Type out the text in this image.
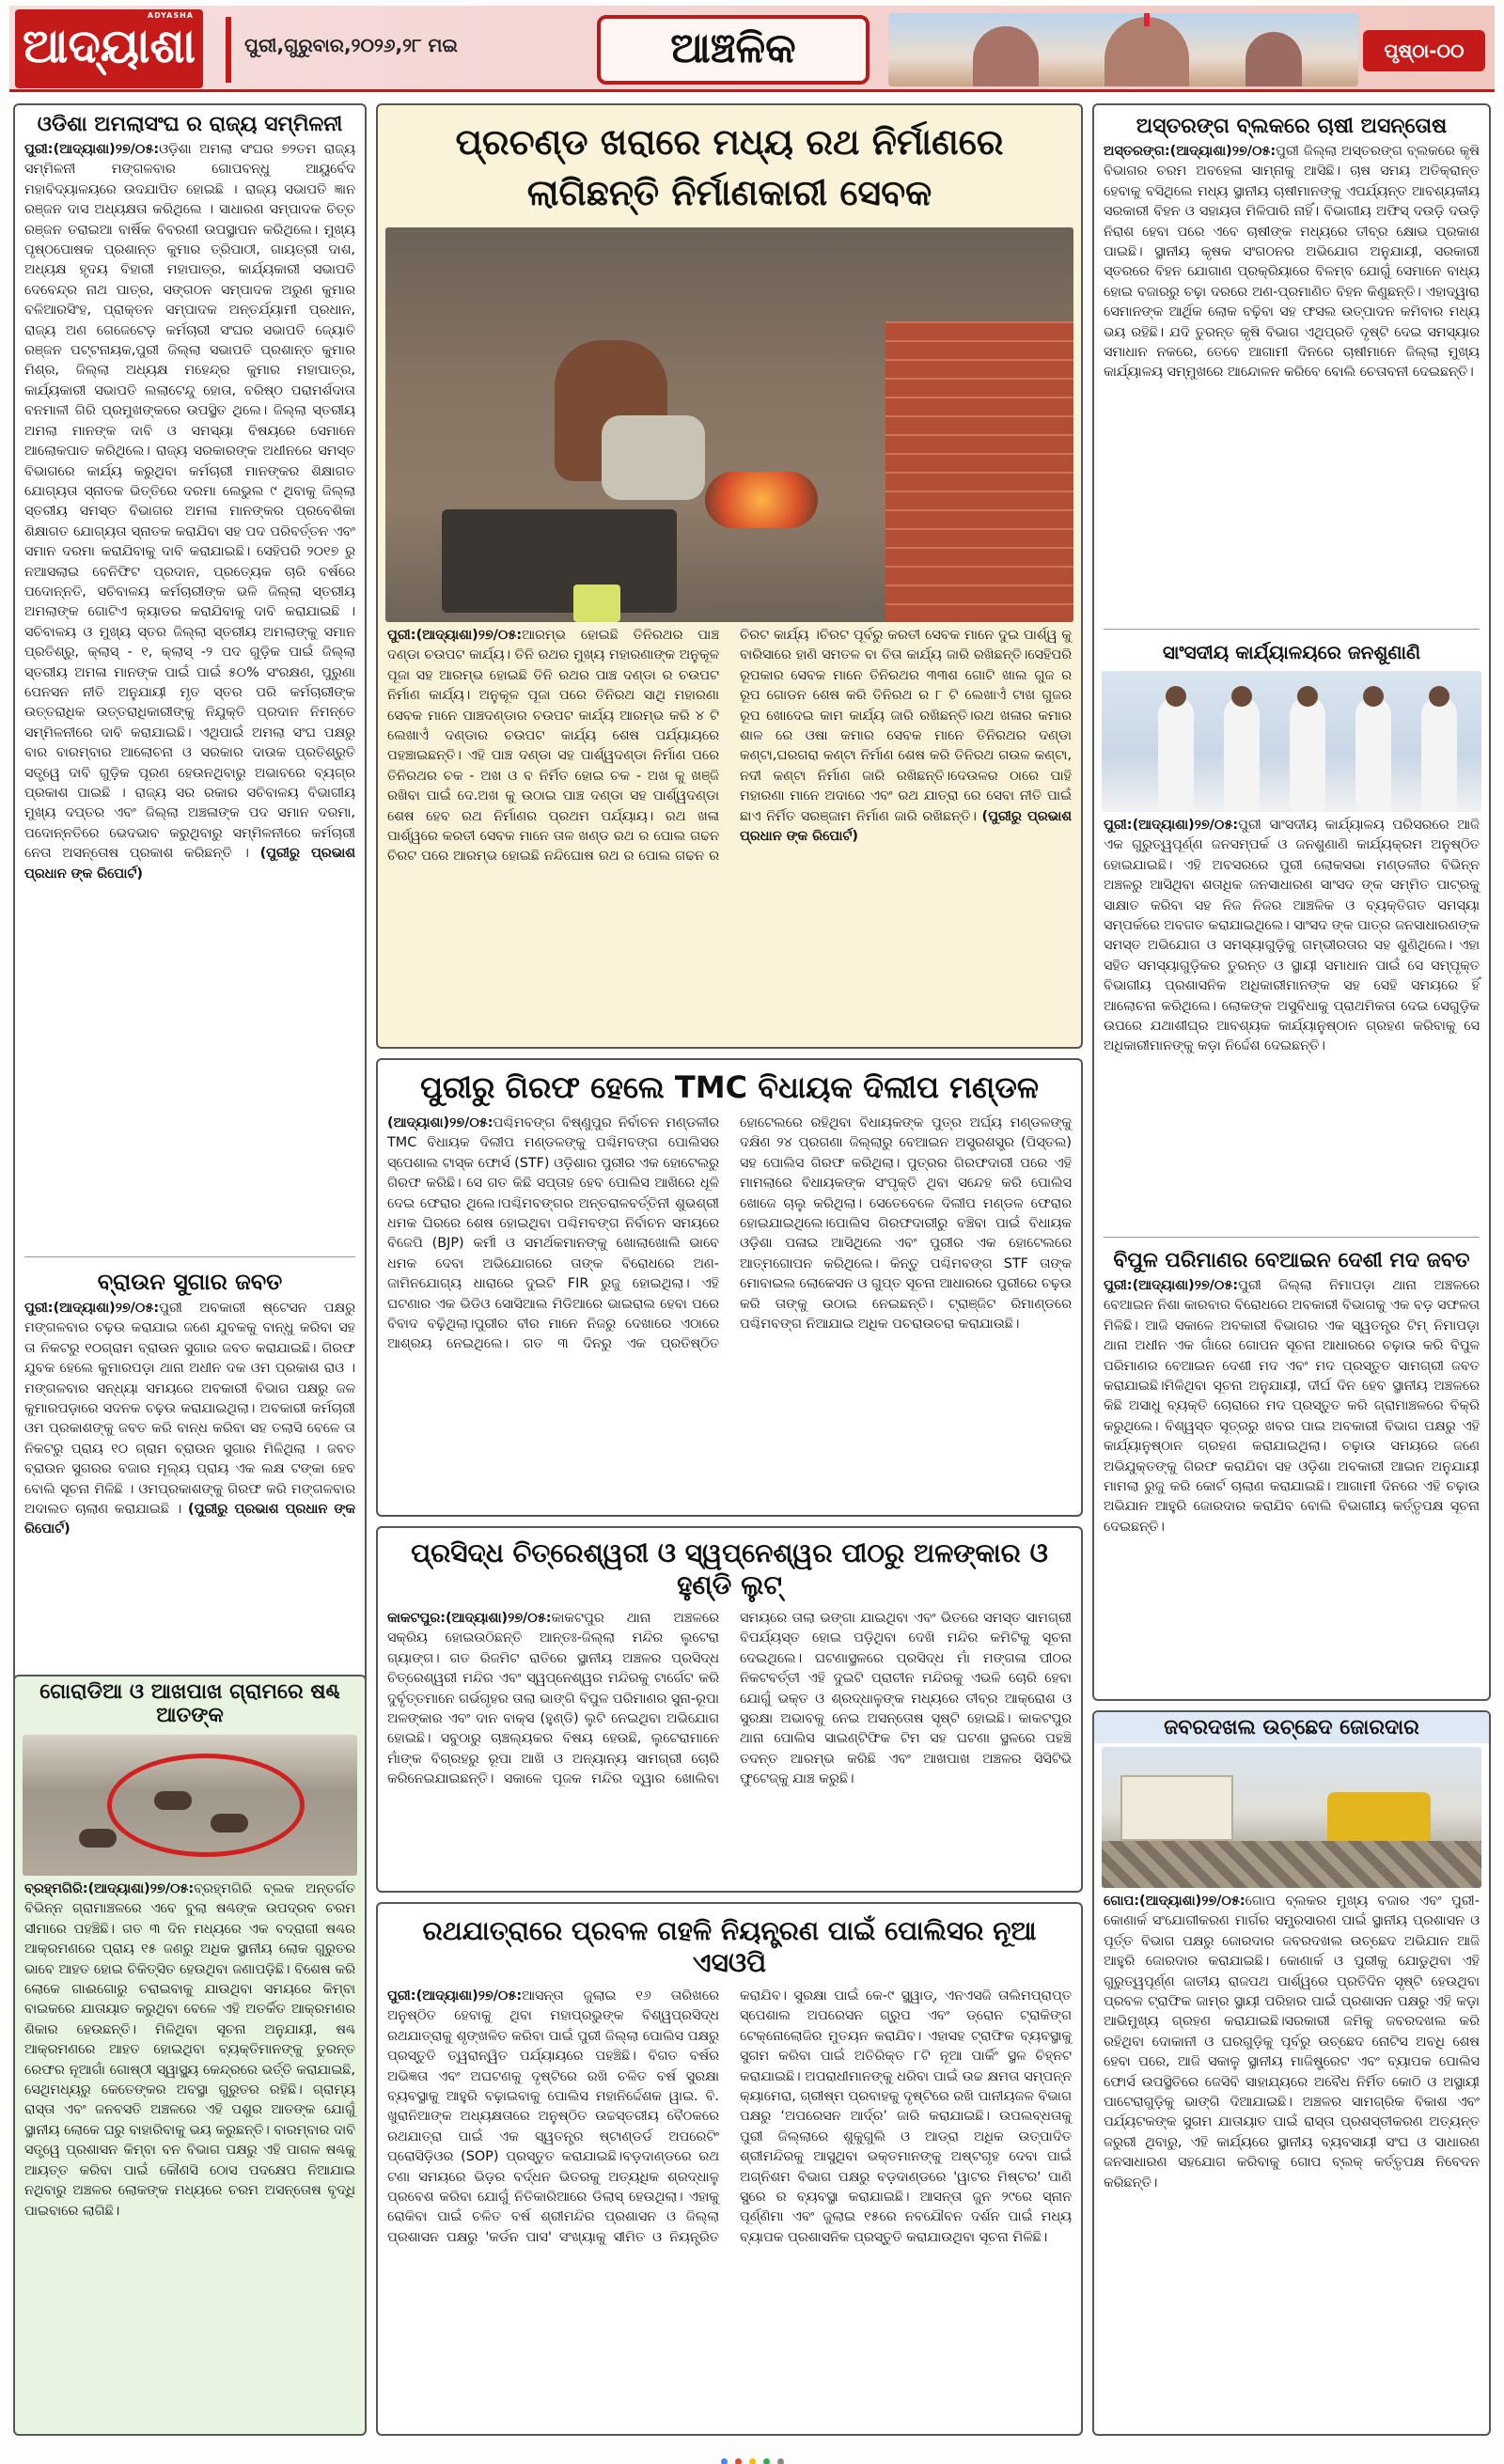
ADYASHA
ଆଦ୍ୟାଶା	ପୁରୀ,ଗୁରୁବାର,୨୦୨୬,୨୮ ମଇ	ଆଞ୍ଚଳିକ	ପୃଷ୍ଠା-୦୦
ଓଡିଶା ଅମଲାସଂଘ ର ରାଜ୍ୟ ସମ୍ମିଳନୀ
ପୁରୀ:(ଆଦ୍ୟାଶା)୨୭/୦୫:ଓଡ଼ିଶା ଅମଲା ସଂଘର ୭୨ତମ ରାଜ୍ୟ ସମ୍ମିଳନୀ ମଙ୍ଗଳବାର ଗୋପବନ୍ଧୁ ଆୟୁର୍ବେଦ ମହାବିଦ୍ୟାଳୟରେ ଉଦଯାପିତ ହୋଇଛି । ରାଜ୍ୟ ସଭାପତି ଜ୍ଞାନ ରଞ୍ଜନ ଦାସ ଅଧ୍ୟକ୍ଷତା କରିଥିଲେ । ସାଧାରଣ ସମ୍ପାଦକ ଚିତ୍ତ ରଞ୍ଜନ ତରାଇଆ ବାର୍ଷିକ ବିବରଣୀ ଉପସ୍ଥାପନ କରିଥିଲେ। ମୁଖ୍ୟ ପୃଷ୍ଠପୋଷକ ପ୍ରଶାନ୍ତ କୁମାର ତ୍ରିପାଠୀ, ଗାୟତ୍ରୀ ଦାଶ, ଅଧ୍ୟକ୍ଷ ହୃଦୟ ବିହାରୀ ମହାପାତ୍ର, କାର୍ଯ୍ୟକାରୀ ସଭାପତି ଦେବେନ୍ଦ୍ର ନାଥ ପାତ୍ର, ସଙ୍ଗଠନ ସମ୍ପାଦକ ଅରୁଣ କୁମାର ବଳିଆରସିଂହ, ପ୍ରାକ୍ତନ ସମ୍ପାଦକ ଅନ୍ତର୍ଯ୍ୟାମୀ ପ୍ରଧାନ, ରାଜ୍ୟ ଅଣ ଗେଜେଟେଡ଼ କର୍ମଚାରୀ ସଂଘର ସଭାପତି ଜ୍ୟୋତି ରଞ୍ଜନ ପଟ୍ଟନାୟକ,ପୁରୀ ଜିଲ୍ଲା ସଭାପତି ପ୍ରଶାନ୍ତ କୁମାର ମିଶ୍ର, ଜିଲ୍ଲା ଅଧ୍ୟକ୍ଷ ମହେନ୍ଦ୍ର କୁମାର ମହାପାତ୍ର, କାର୍ଯ୍ୟକାରୀ ସଭାପତି ଲଲାଟେନ୍ଦୁ ହୋତା, ବରିଷ୍ଠ ପରାମର୍ଶଦାତା ବନମାଳୀ ଗିରି ପ୍ରମୁଖଙ୍କରେ ଉପସ୍ଥିତ ଥିଲେ। ଜିଲ୍ଲା ସ୍ତରୀୟ ଅମଲା ମାନଙ୍କ ଦାବି ଓ ସମସ୍ୟା ବିଷୟରେ ସେମାନେ ଆଲୋକପାତ କରିଥିଲେ। ରାଜ୍ୟ ସରକାରଙ୍କ ଅଧୀନରେ ସମସ୍ତ ବିଭାଗରେ କାର୍ଯ୍ୟ କରୁଥିବା କର୍ମଚାରୀ ମାନଙ୍କର ଶିକ୍ଷାଗତ ଯୋଗ୍ୟତା ସ୍ନାତକ ଭିତ୍ତିରେ ଦରମା ଲେଭୁଲ ୯ ଥିବାକୁ ଜିଲ୍ଲା ସ୍ତରୀୟ ସମସ୍ତ ବିଭାଗର ଅମଳା ମାନଙ୍କର ପ୍ରବେଶିକା ଶିକ୍ଷାଗତ ଯୋଗ୍ୟତା ସ୍ନାତକ କରାଯିବା ସହ ପଦ ପରିବର୍ତ୍ତନ ଏବଂ ସମାନ ଦରମା କରାଯିବାକୁ ଦାବି କରାଯାଇଛି। ସେହିପରି ୨୦୧୭ ରୁ ନଆସଲାଇ ବେନିଫିଟ ପ୍ରଦାନ, ପ୍ରତ୍ୟେକ ଚାରି ବର୍ଷରେ ପଦୋନ୍ନତି, ସଚିବାଳୟ କର୍ମଚାରୀଙ୍କ ଭଳି ଜିଲ୍ଲା ସ୍ତରୀୟ ଅମଲାଙ୍କ ଗୋଟିଏ କ୍ୟାଡର କରାଯିବାକୁ ଦାବି କରାଯାଇଛି ।ସଚିବାଳୟ ଓ ମୁଖ୍ୟ ସ୍ତର ଜିଲ୍ଲା ସ୍ତରୀୟ ଅମଲାଙ୍କୁ ସମାନ ପ୍ରତିଶ୍ରୁ, କ୍ଲାସ୍ - ୧, କ୍ଲାସ୍ -୨ ପଦ ଗୁଡ଼ିକ ପାଇଁ ଜିଲ୍ଲା ସ୍ତରୀୟ ଅମଳା ମାନଙ୍କ ପାଇଁ ପାଇଁ ୫୦% ସଂରକ୍ଷଣ, ପୁରୁଣା ପେନସନ ନୀତି ଅନୁଯାୟୀ ମୃତ ସ୍ତର ପରି କର୍ମଚାରୀଙ୍କ ଉତ୍ତରାଧିକ ଉତ୍ତରାଧିକାରୀଙ୍କୁ ନିଯୁକ୍ତି ପ୍ରଦାନ ନିମନ୍ତେ ସମ୍ମିଳନୀରେ ଦାବି କରାଯାଇଛି। ଏଥିପାଇଁ ଅମଲା ସଂଘ ପକ୍ଷରୁ ବାର ବାରମ୍ବାର ଆଲୋଚନା ଓ ସରକାର ଦାଉକ ପ୍ରତିଶ୍ରୁତି ସତ୍ତ୍ୱେ ଦାବି ଗୁଡ଼ିକ ପୂରଣ ହେଉନଥିବାରୁ ଅଭାବରେ ବ୍ୟଗ୍ର ପ୍ରକାଶ ପାଇଛି । ରାଜ୍ୟ ସର ରକାର ସଚିବାଳୟ ବିଭାଗୀୟ ମୁଖ୍ୟ ଦପ୍ତର ଏବଂ ଜିଲ୍ଲା ଅଞ୍ଚଳାଙ୍କ ପଦ ସମାନ ଦରମା, ପଦୋନ୍ନତିରେ ଭେଦଭାବ କରୁଥିବାରୁ ସମ୍ମିଳନୀରେ କର୍ମଚାରୀ ନେତା ଅସନ୍ତୋଷ ପ୍ରକାଶ କରିଛନ୍ତି । (ପୁରୀରୁ ପ୍ରଭାଶ ପ୍ରଧାନ ଙ୍କ ରିପୋର୍ଟ)
ବ୍ରାଉନ ସୁଗାର ଜବତ
ପୁରୀ:(ଆଦ୍ୟାଶା)୨୭/୦୫:ପୁରୀ ଅବକାରୀ ଷ୍ଟେସନ ପକ୍ଷରୁ ମଙ୍ଗଳବାର ଚଢ଼ଉ କରାଯାଇ ଜଣେ ଯୁବକକୁ ବାନ୍ଧୁ କରିବା ସହ ତା ନିକଟରୁ ୧୦ଗ୍ରାମ ବ୍ରାଉନ ସୁଗାର ଜବତ କରାଯାଇଛି। ଗିରଫ ଯୁବକ ହେଲେ କୁମାରପଡ଼ା ଥାନା ଅଧୀନ ଦକ ଓମ ପ୍ରକାଶ ରାଓ । ମଙ୍ଗଳବାର ସନ୍ଧ୍ୟା ସମୟରେ ଅବକାରୀ ବିଭାଗ ପକ୍ଷରୁ ଜଳ କୁମାରପଡ଼ାରେ ସଦନକ ଚଢ଼ଉ କରାଯାଇଥିଲା। ଅବକାରୀ କର୍ମଚାରୀ ଓମ ପ୍ରକାଶଙ୍କୁ ଜବତ କରି ବାନ୍ଧ କରିବା ସହ ତଲାସି ବେଳେ ତା ନିକଟରୁ ପ୍ରାୟ ୧୦ ଗ୍ରାମ ବ୍ରାଉନ ସୁଗାର ମିଳିଥିଲା । ଜବତ ବ୍ରାଉନ ସୁଗରର ବଜାର ମୂଲ୍ୟ ପ୍ରାୟ ଏକ ଲକ୍ଷ ଟଙ୍କା ହେବ ବୋଲି ସୂଚନା ମିଳିଛି । ଓମପ୍ରକାଶଙ୍କୁ ଗିରଫ କରି ମଙ୍ଗଳବାର ଅଦାଲତ ଚାଲାଣ କରାଯାଇଛି । (ପୁରୀରୁ ପ୍ରଭାଶ ପ୍ରଧାନ ଙ୍କ ରିପୋର୍ଟ)
ଗୋରାଡିଆ ଓ ଆଖପାଖ ଗ୍ରାମରେ ଷଣ୍ଢ ଆତଙ୍କ
ବ୍ରହ୍ମଗିରି:(ଆଦ୍ୟାଶା)୨୭/୦୫:ବ୍ରହ୍ମଗିରି ବ୍ଲକ ଅନ୍ତର୍ଗତ ବିଭିନ୍ନ ଗ୍ରାମାଞ୍ଚଳରେ ଏବେ ବୁଲା ଷଣ୍ଢଙ୍କ ଉପଦ୍ରବ ଚରମ ସୀମାରେ ପହଞ୍ଚିଛି। ଗତ ୩ ଦିନ ମଧ୍ୟରେ ଏକ ବଦ୍ରାଗୀ ଷଣ୍ଢର ଆକ୍ରମଣରେ ପ୍ରାୟ ୧୫ ଜଣରୁ ଅଧିକ ସ୍ଥାନୀୟ ଲୋକ ଗୁରୁତର ଭାବେ ଆହତ ହୋଇ ଚିକିତ୍ସିତ ହେଉଥିବା ଜଣାପଡ଼ିଛି। ବିଶେଷ କରି ଲୋକେ ଗାଈଗୋରୁ ଚରାଇବାକୁ ଯାଉଥିବା ସମୟରେ କିମ୍ବା ବାଇକରେ ଯାତାୟାତ କରୁଥିବା ବେଳେ ଏହି ଅତର୍କିତ ଆକ୍ରମଣର ଶିକାର ହେଉଛନ୍ତି। ମିଳିଥିବା ସୂଚନା ଅନୁଯାୟୀ, ଷଣ୍ଢ ଆକ୍ରମଣରେ ଆହତ ହୋଇଥିବା ବ୍ୟକ୍ତିମାନଙ୍କୁ ତୁରନ୍ତ ରେଫର ନୂଆଗାଁ ଗୋଷ୍ଠୀ ସ୍ୱାସ୍ଥ୍ୟ କେନ୍ଦ୍ରରେ ଭର୍ତ୍ତି କରାଯାଇଛି, ସେଥିମଧ୍ୟରୁ କେତେଙ୍କର ଅବସ୍ଥା ଗୁରୁତର ରହିଛି। ଗ୍ରାମ୍ୟ ରାସ୍ତା ଏବଂ ଜନବସତି ଅଞ୍ଚଳରେ ଏହି ପଶୁର ଆତଙ୍କ ଯୋଗୁଁ ସ୍ଥାନୀୟ ଲୋକେ ଘରୁ ବାହାରିବାକୁ ଭୟ କରୁଛନ୍ତି। ବାରମ୍ବାର ଦାବି ସତ୍ତ୍ୱେ ପ୍ରଶାସନ କିମ୍ବା ବନ ବିଭାଗ ପକ୍ଷରୁ ଏହି ପାଗଳ ଷଣ୍ଢକୁ ଆୟତ୍ତ କରିବା ପାଇଁ କୌଣସି ଠୋସ ପଦକ୍ଷେପ ନିଆଯାଇ ନଥିବାରୁ ଅଞ୍ଚଳର ଲୋକଙ୍କ ମଧ୍ୟରେ ଚରମ ଅସନ୍ତୋଷ ବୃଦ୍ଧି ପାଇବାରେ ଲାଗିଛି।
ପ୍ରଚଣ୍ଡ ଖରାରେ ମଧ୍ୟ ରଥ ନିର୍ମାଣରେ ଲାଗିଛନ୍ତି ନିର୍ମାଣକାରୀ ସେବକ
ପୁରୀ:(ଆଦ୍ୟାଶା)୨୭/୦୫:ଆରମ୍ଭ ହୋଇଛି ତିନିରଥର ପାଞ୍ଚ ଦଣ୍ଡା ଚଉପଟ କାର୍ଯ୍ୟ। ତିନି ରଥର ମୁଖ୍ୟ ମହାରଣାଙ୍କ ଅନୁକୂଳ ପୂଜା ସହ ଆରମ୍ଭ ହୋଇଛି ତିନି ରଥର ପାଞ୍ଚ ଦଣ୍ଡା ର ଚଉପଟ ନିର୍ମାଣ କାର୍ଯ୍ୟ। ଅନୁକୂଳ ପୂଜା ପରେ ତିନିରଥ ସାଥି ମହାରଣା ସେବକ ମାନେ ପାଞ୍ଚଦଣ୍ଡାର ଚଉପଟ କାର୍ଯ୍ୟ ଆରମ୍ଭ କରି ୪ ଟି ଲେଖାଏଁ ଦଣ୍ଡାର ଚଉପଟ କାର୍ଯ୍ୟ ଶେଷ ପର୍ଯ୍ୟାୟରେ ପହଞ୍ଚାଇଛନ୍ତି। ଏହି ପାଞ୍ଚ ଦଣ୍ଡା ସହ ପାର୍ଶ୍ୱଦଣ୍ଡା ନିର୍ମାଣ ପରେ ତିନିରଥର ଚକ - ଅଖ ଓ ବ ନିର୍ମିତ ହୋଇ ଚକ - ଅଖ କୁ ଖଞ୍ଜି ରଖିବା ପାଇଁ ଦେ.ଅଖ କୁ ଉଠାଇ ପାଞ୍ଚ ଦଣ୍ଡା ସହ ପାର୍ଶ୍ୱଦଣ୍ଡା ଶେଷ ହେବ ରଥ ନିର୍ମାଣର ପ୍ରଥମ ପର୍ଯ୍ୟାୟ। ରଥ ଖଳା ପାର୍ଶ୍ୱରେ କରତୀ ସେବକ ମାନେ ତାଳ ଖଣ୍ଡ ରଥ ର ପୋଲ ଗଢନ ଚିରଟ ପରେ ଆରମ୍ଭ ହୋଇଛି ନନ୍ଦିଘୋଷ ରଥ ର ପୋଲ ଗଢନ ର ଚିରଟ କାର୍ଯ୍ୟ ।ଚିରଟ ପୂର୍ବରୁ କରତୀ ସେବକ ମାନେ ଦୁଇ ପାର୍ଶ୍ୱ କୁ ବାରିସାରେ ହାଣି ସମତଳ ବା ଚିତା କାର୍ଯ୍ୟ ଜାରି ରଖିଛନ୍ତି।ସେହିପରି ରୂପକାର ସେବକ ମାନେ ତିନିରଥର ୩୩ଶ ଗୋଟି ଖାଲ ଗୁଜ ର ରୂପ ଗୋଡନ ଶେଷ କରି ତିନିରଥ ର ୮ ଟି ଲେଖାଏଁ ଟାଖ ଗୁଜର ରୂପ ଖୋଦେଇ କାମ କାର୍ଯ୍ୟ ଜାରି ରଖିଛନ୍ତି।ରଥ ଖଳାର କମାର ଶାଳ ରେ ଓଷା କମାର ସେବକ ମାନେ ତିନିରଥର ଦଣ୍ଡା କଣ୍ଟା,ଘରଗରା କଣ୍ଟା ନିର୍ମାଣ ଶେଷ କରି ତିନିରଥ ଗଉଳ କଣ୍ଟା, ନଦୀ କଣ୍ଟା ନିର୍ମାଣ ଜାରି ରଖିଛନ୍ତି।ଦେଉଳର ଠାରେ ପାହି ମହାରଣା ମାନେ ଅଦାରେ ଏବଂ ରଥ ଯାତ୍ରା ରେ ସେବା ନୀତି ପାଇଁ ଛାଏ ନିର୍ମିତ ସରଞ୍ଜାମ ନିର୍ମାଣ ଜାରି ରଖିଛନ୍ତି। (ପୁରୀରୁ ପ୍ରଭାଶ ପ୍ରଧାନ ଙ୍କ ରିପୋର୍ଟ)
ପୁରୀରୁ ଗିରଫ ହେଲେ TMC ବିଧାୟକ ଦିଲୀପ ମଣ୍ଡଳ
(ଆଦ୍ୟାଶା)୨୭/୦୫:ପଶ୍ଚିମବଙ୍ଗ ବିଷ୍ଣୁପୁର ନିର୍ବାଚନ ମଣ୍ଡଳୀର TMC ବିଧାୟକ ଦିଲୀପ ମଣ୍ଡଳଙ୍କୁ ପଶ୍ଚିମବଙ୍ଗ ପୋଲିସର ସ୍ପେଶାଲ ଟାସ୍କ ଫୋର୍ସ (STF) ଓଡ଼ିଶାର ପୁରୀର ଏକ ହୋଟେଲରୁ ଗିରଫ କରିଛି। ସେ ଗତ କିଛି ସପ୍ତାହ ହେବ ପୋଲିସ ଆଖିରେ ଧୂଳି ଦେଇ ଫେରାର ଥିଲେ।ପଶ୍ଚିମବଙ୍ଗର ଅନ୍ତରାଳବର୍ତ୍ତିନୀ ଶୁଭଶ୍ରୀ ଧମକ ଘିରରେ ଶେଷ ହୋଇଥିବା ପଶ୍ଚିମବଙ୍ଗ ନିର୍ବାଚନ ସମୟରେ ବିଜେପି (BJP) କର୍ମୀ ଓ ସମର୍ଥକମାନଙ୍କୁ ଖୋଲାଖୋଲି ଭାବେ ଧମକ ଦେବା ଅଭିଯୋଗରେ ତାଙ୍କ ବିରୋଧରେ ଅଣ-ଜାମିନଯୋଗ୍ୟ ଧାରାରେ ଦୁଇଟି FIR ରୁଜୁ ହୋଇଥିଲା। ଏହି ଘଟଣାର ଏକ ଭିଡିଓ ସୋସିଆଲ ମିଡିଆରେ ଭାଇରାଲ ହେବା ପରେ ବିବାଦ ବଢ଼ିଥିଲା।ପୁରୀର ବୀର ମାନେ ନିଜରୁ ଦେଖାରେ ଏଠାରେ ଆଶ୍ରୟ ନେଇଥିଲେ। ଗତ ୩ ଦିନରୁ ଏକ ପ୍ରତିଷ୍ଠିତ ହୋଟେଲରେ ରହିଥିବା ବିଧାୟକଙ୍କ ପୁତ୍ର ଅର୍ଘ୍ୟ ମଣ୍ଡଳଙ୍କୁ ଦକ୍ଷିଣ ୨୪ ପ୍ରଗଣା ଜିଲ୍ଲାରୁ ବେଆଇନ ଅସ୍ତ୍ରଶସ୍ତ୍ର (ପିସ୍ତଲ) ସହ ପୋଲିସ ଗିରଫ କରିଥିଲା। ପୁତ୍ରର ଗିରଫଦାରୀ ପରେ ଏହି ମାମଲାରେ ବିଧାୟକଙ୍କ ସଂପୃକ୍ତି ଥିବା ସନ୍ଦେହ କରି ପୋଲିସ ଖୋଜେ ଚାଲୁ କରିଥିଲା। ସେତେବେଳେ ଦିଲୀପ ମଣ୍ଡଳ ଫେରାର ହୋଇଯାଇଥିଲେ।ପୋଲିସ ଗିରଫଦାରୀରୁ ବଞ୍ଚିବା ପାଇଁ ବିଧାୟକ ଓଡ଼ିଶା ପଳାଇ ଆସିଥିଲେ ଏବଂ ପୁରୀର ଏକ ହୋଟେଲରେ ଆତ୍ମଗୋପନ କରିଥିଲେ। କିନ୍ତୁ ପଶ୍ଚିମବଙ୍ଗ STF ତାଙ୍କ ମୋବାଇଲ ଲୋକେସନ ଓ ଗୁପ୍ତ ସୂଚନା ଆଧାରରେ ପୁରୀରେ ଚଢ଼ଉ କରି ତାଙ୍କୁ ଉଠାଇ ନେଇଛନ୍ତି। ଟ୍ରାଞ୍ଜିଟ ରିମାଣ୍ଡରେ ପଶ୍ଚିମବଙ୍ଗ ନିଆଯାଇ ଅଧିକ ପଚରାଉଚରା କରାଯାଉଛି।
ପ୍ରସିଦ୍ଧ ଚିତ୍ରେଶ୍ୱରୀ ଓ ସ୍ୱପ୍ନେଶ୍ୱର ପୀଠରୁ ଅଳଙ୍କାର ଓ ହୁଣ୍ଡି ଲୁଟ୍
କାକଟପୁର:(ଆଦ୍ୟାଶା)୨୭/୦୫:କାକଟପୁର ଥାନା ଅଞ୍ଚଳରେ ସକ୍ରିୟ ହୋଇଉଠିଛନ୍ତି ଆନ୍ତଃ-ଜିଲ୍ଲା ମନ୍ଦିର ଲୁଟେରା ଗ୍ୟାଙ୍ଗ। ଗତ ରିଜମିଟ ରାତିରେ ସ୍ଥାନୀୟ ଅଞ୍ଚଳର ପ୍ରସିଦ୍ଧ ଚିତ୍ରେଶ୍ୱରୀ ମନ୍ଦିର ଏବଂ ସ୍ୱପ୍ନେଶ୍ୱର ମନ୍ଦିରକୁ ଟାର୍ଗେଟ କରି ଦୁର୍ବୃତ୍ତମାନେ ଗର୍ଭଗୃହର ତାଲା ଭାଙ୍ଗି ବିପୁଳ ପରିମାଣର ସୁନା-ରୂପା ଅଳଙ୍କାର ଏବଂ ଦାନ ବାକ୍ସ (ହୁଣ୍ଡି) ଲୁଟି ନେଇଥିବା ଅଭିଯୋଗ ହୋଇଛି। ସବୁଠାରୁ ଚାଞ୍ଚଲ୍ୟକର ବିଷୟ ହେଉଛି, ଲୁଟେରାମାନେ ମାଁଙ୍କ ବିଗ୍ରହରୁ ରୂପା ଆଖି ଓ ଅନ୍ୟାନ୍ୟ ସାମଗ୍ରୀ ଚୋରି କରିନେଇଯାଇଛନ୍ତି। ସକାଳେ ପୂଜକ ମନ୍ଦିର ଦ୍ୱାର ଖୋଲିବା ସମୟରେ ତାଲା ଭଙ୍ଗା ଯାଇଥିବା ଏବଂ ଭିତରେ ସମସ୍ତ ସାମଗ୍ରୀ ବିପର୍ଯ୍ୟସ୍ତ ହୋଇ ପଡ଼ିଥିବା ଦେଖି ମନ୍ଦିର କମିଟିକୁ ସୂଚନା ଦେଇଥିଲେ। ଘଟଣାସ୍ଥଳରେ ପ୍ରସିଦ୍ଧ ମାଁ ମଙ୍ଗଳା ପୀଠର ନିକଟବର୍ତ୍ତୀ ଏହି ଦୁଇଟି ପ୍ରାଚୀନ ମନ୍ଦିରକୁ ଏଭଳି ଚୋରି ହେବା ଯୋଗୁଁ ଭକ୍ତ ଓ ଶ୍ରଦ୍ଧାଳୁଙ୍କ ମଧ୍ୟରେ ତୀବ୍ର ଆକ୍ରୋଶ ଓ ସୁରକ୍ଷା ଅଭାବକୁ ନେଇ ଅସନ୍ତୋଷ ସୃଷ୍ଟି ହୋଇଛି। କାକଟପୁର ଥାନା ପୋଲିସ ସାଇଣ୍ଟିଫିକ ଟିମ ସହ ଘଟଣା ସ୍ଥଳରେ ପହଞ୍ଚି ତଦନ୍ତ ଆରମ୍ଭ କରିଛି ଏବଂ ଆଖପାଖ ଅଞ୍ଚଳର ସିସିଟିଭି ଫୁଟେଜ୍‌କୁ ଯାଞ୍ଚ କରୁଛି।
ରଥଯାତ୍ରାରେ ପ୍ରବଳ ଗହଳି ନିୟନ୍ତ୍ରଣ ପାଇଁ ପୋଲିସର ନୂଆ ଏସଓପି
ପୁରୀ:(ଆଦ୍ୟାଶା)୨୭/୦୫:ଆସନ୍ତା ଜୁଲାଇ ୧୬ ତାରିଖରେ ଅନୁଷ୍ଠିତ ହେବାକୁ ଥିବା ମହାପ୍ରଭୁଙ୍କ ବିଶ୍ୱପ୍ରସିଦ୍ଧ ରଥଯାତ୍ରାକୁ ଶୃଙ୍ଖଳିତ କରିବା ପାଇଁ ପୁରୀ ଜିଲ୍ଲା ପୋଲିସ ପକ୍ଷରୁ ପ୍ରସ୍ତୁତି ତ୍ୱରାନ୍ୱିତ ପର୍ଯ୍ୟାୟରେ ପହଞ୍ଚିଛି। ବିଗତ ବର୍ଷର ଅଭିଜ୍ଞତା ଏବଂ ଅଘଟଣକୁ ଦୃଷ୍ଟିରେ ରଖି ଚଳିତ ବର୍ଷ ସୁରକ୍ଷା ବ୍ୟବସ୍ଥାକୁ ଆହୁରି ବଢ଼ାଇବାକୁ ପୋଲିସ ମହାନିର୍ଦ୍ଦେଶକ ୱାଇ. ବି. ଖୁରାନିଆଙ୍କ ଅଧ୍ୟକ୍ଷତାରେ ଅନୁଷ୍ଠିତ ଉଚ୍ଚସ୍ତରୀୟ ବୈଠକରେ ରଥଯାତ୍ରା ପାଇଁ ଏକ ସ୍ୱତନ୍ତ୍ର ଷ୍ଟାଣ୍ଡର୍ଡ ଅପରେଟିଂ ପ୍ରୋସିଡ଼ିଓର (SOP) ପ୍ରସ୍ତୁତ କରାଯାଇଛି।ବଡ଼ଦାଣ୍ଡରେ ରଥ ଟଣା ସମୟରେ ଭିଡ଼ର ବର୍ଦ୍ଧନ ଭିତରକୁ ଅତ୍ୟଧିକ ଶ୍ରଦ୍ଧାଳୁ ପ୍ରବେଶ କରିବା ଯୋଗୁଁ ନିତିକାରିଆରେ ଡିଲାସ୍ ହେଉଥିଲା। ଏହାକୁ ରୋକିବା ପାଇଁ ଚଳିତ ବର୍ଷ ଶ୍ରୀମନ୍ଦିର ପ୍ରଶାସନ ଓ ଜିଲ୍ଲା ପ୍ରଶାସନ ପକ୍ଷରୁ 'କର୍ଡନ ପାସ' ସଂଖ୍ୟାକୁ ସୀମିତ ଓ ନିୟନ୍ତ୍ରିତ କରାଯିବ। ସୁରକ୍ଷା ପାଇଁ କେ-୯ ସ୍କ୍ୱାଡ୍, ଏନଏସଜି ତାଲିମପ୍ରାପ୍ତ ସ୍ପେଶାଲ ଅପରେସନ ଗ୍ରୁପ ଏବଂ ଡ୍ରୋନ ଟ୍ରାକିଙ୍ଗ ଟେକ୍ନୋଲୋଜିର ମୁତୟନ କରାଯିବ। ଏହାସହ ଟ୍ରାଫିକ ବ୍ୟବସ୍ଥାକୁ ସୁଗମ କରିବା ପାଇଁ ଅତିରିକ୍ତ ୮ଟି ନୂଆ ପାର୍କିଂ ସ୍ଥଳ ଚିହ୍ନଟ କରାଯାଇଛି। ଅପରାଧୀମାନଙ୍କୁ ଧରିବା ପାଇଁ ଉଚ୍ଚ କ୍ଷମତା ସମ୍ପନ୍ନ କ୍ୟାମେରା, ଗ୍ରୀଷ୍ମ ପ୍ରବାହକୁ ଦୃଷ୍ଟିରେ ରଖି ପାନୀୟଜଳ ବିଭାଗ ପକ୍ଷରୁ ‘ଅପରେସନ ଆର୍ଦ୍ର’ ଜାରି କରାଯାଇଛି। ଉପଲବ୍ଧତାକୁ ପୁରୀ ଜିଲ୍ଲାରେ ଶୁକୁଗୁଲି ଓ ଆଡ୍ରା ଅଧିକ ଉତ୍ପାଦିତ ଶ୍ରୀମନ୍ଦିରକୁ ଆସୁଥିବା ଭକ୍ତମାନଙ୍କୁ ଅଷ୍ଟଗୃହ ଦେବା ପାଇଁ ଅଗ୍ନିଶମ ବିଭାଗ ପକ୍ଷରୁ ବଡ଼ଦାଣ୍ଡରେ 'ୱାଟର ମିଷ୍ଟର' ପାଣି ସ୍ପ୍ରେ ର ବ୍ୟବସ୍ଥା କରାଯାଇଛି। ଆସନ୍ତା ଜୁନ ୨୯ରେ ସ୍ନାନ ପୂର୍ଣ୍ଣିମା ଏବଂ ଜୁଲାଇ ୧୫ରେ ନବଯୌବନ ଦର୍ଶନ ପାଇଁ ମଧ୍ୟ ବ୍ୟାପକ ପ୍ରଶାସନିକ ପ୍ରସ୍ତୁତି କରାଯାଉଥିବା ସୂଚନା ମିଳିଛି।
ଅସ୍ତରଙ୍ଗ ବ୍ଲକରେ ଚାଷୀ ଅସନ୍ତୋଷ
ଅସ୍ତରଙ୍ଗ:(ଆଦ୍ୟାଶା)୨୭/୦୫:ପୁରୀ ଜିଲ୍ଲା ଅସ୍ତରଙ୍ଗ ବ୍ଲକରେ କୃଷି ବିଭାଗର ଚରମ ଅବହେଳା ସାମ୍ନାକୁ ଆସିଛି। ଚାଷ ସମୟ ଅତିକ୍ରାନ୍ତ ହେବାକୁ ବସିଥିଲେ ମଧ୍ୟ ସ୍ଥାନୀୟ ଚାଷୀମାନଙ୍କୁ ଏପର୍ଯ୍ୟନ୍ତ ଆବଶ୍ୟକୀୟ ସରକାରୀ ବିହନ ଓ ସହାୟତା ମିଳିପାରି ନାହିଁ। ବିଭାଗୀୟ ଅଫିସ୍ ଦଉଡ଼ି ଦଉଡ଼ି ନିରାଶ ହେବା ପରେ ଏବେ ଚାଷୀଙ୍କ ମଧ୍ୟରେ ତୀବ୍ର କ୍ଷୋଭ ପ୍ରକାଶ ପାଇଛି। ସ୍ଥାନୀୟ କୃଷକ ସଂଗଠନର ଅଭିଯୋଗ ଅନୁଯାୟୀ, ସରକାରୀ ସ୍ତରରେ ବିହନ ଯୋଗାଣ ପ୍ରକ୍ରିୟାରେ ବିଳମ୍ବ ଯୋଗୁଁ ସେମାନେ ବାଧ୍ୟ ହୋଇ ବଜାରରୁ ଚଢ଼ା ଦରରେ ଅଣ-ପ୍ରମାଣିତ ବିହନ କିଣୁଛନ୍ତି। ଏହାଦ୍ୱାରା ସେମାନଙ୍କ ଆର୍ଥିକ ଲୋକ ବଢ଼ିବା ସହ ଫସଲ ଉତ୍ପାଦନ କମିବାର ମଧ୍ୟ ଭୟ ରହିଛି। ଯଦି ତୁରନ୍ତ କୃଷି ବିଭାଗ ଏଥିପ୍ରତି ଦୃଷ୍ଟି ଦେଇ ସମସ୍ୟାର ସମାଧାନ ନକରେ, ତେବେ ଆଗାମୀ ଦିନରେ ଚାଷୀମାନେ ଜିଲ୍ଲା ମୁଖ୍ୟ କାର୍ଯ୍ୟାଳୟ ସମ୍ମୁଖରେ ଆନ୍ଦୋଳନ କରିବେ ବୋଲି ଚେତାବନୀ ଦେଇଛନ୍ତି।
ସାଂସଦୀୟ କାର୍ଯ୍ୟାଳୟରେ ଜନଶୁଣାଣି
ପୁରୀ:(ଆଦ୍ୟାଶା)୨୭/୦୫:ପୁରୀ ସାଂସଦୀୟ କାର୍ଯ୍ୟାଳୟ ପରିସରରେ ଆଜି ଏକ ଗୁରୁତ୍ୱପୂର୍ଣ୍ଣ ଜନସମ୍ପର୍କ ଓ ଜନଶୁଣାଣି କାର୍ଯ୍ୟକ୍ରମ ଅନୁଷ୍ଠିତ ହୋଇଯାଇଛି। ଏହି ଅବସରରେ ପୁରୀ ଲୋକସଭା ମଣ୍ଡଳୀର ବିଭିନ୍ନ ଅଞ୍ଚଳରୁ ଆସିଥିବା ଶତାଧିକ ଜନସାଧାରଣ ସାଂସଦ ଙ୍କ ସମ୍ମିତ ପାଟ୍ରକୁ ସାକ୍ଷାତ କରିବା ସହ ନିଜ ନିଜର ଆଞ୍ଚଳିକ ଓ ବ୍ୟକ୍ତିଗତ ସମସ୍ୟା ସମ୍ପର୍କରେ ଅବଗତ କରାଯାଇଥିଲେ। ସାଂସଦ ଙ୍କ ପାତ୍ର ଜନସାଧାରଣଙ୍କ ସମସ୍ତ ଅଭିଯୋଗ ଓ ସମସ୍ୟାଗୁଡ଼ିକୁ ଗମ୍ଭୀରତାର ସହ ଶୁଣିଥିଲେ। ଏହା ସହିତ ସମସ୍ୟାଗୁଡ଼ିକର ତୁରନ୍ତ ଓ ସ୍ଥାୟୀ ସମାଧାନ ପାଇଁ ସେ ସମ୍ପୃକ୍ତ ବିଭାଗୀୟ ପ୍ରଶାସନିକ ଅଧିକାରୀମାନଙ୍କ ସହ ସେହି ସମୟରେ ହିଁ ଆଲୋଚନା କରିଥିଲେ। ଲୋକଙ୍କ ଅସୁବିଧାକୁ ପ୍ରାଥମିକତା ଦେଇ ସେଗୁଡ଼ିକ ଉପରେ ଯଥାଶୀଘ୍ର ଆବଶ୍ୟକ କାର୍ଯ୍ୟାନୁଷ୍ଠାନ ଗ୍ରହଣ କରିବାକୁ ସେ ଅଧିକାରୀମାନଙ୍କୁ କଡ଼ା ନିର୍ଦ୍ଦେଶ ଦେଇଛନ୍ତି।
ବିପୁଳ ପରିମାଣର ବେଆଇନ ଦେଶୀ ମଦ ଜବତ
ପୁରୀ:(ଆଦ୍ୟାଶା)୨୭/୦୫:ପୁରୀ ଜିଲ୍ଲା ନିମାପଡ଼ା ଥାନା ଅଞ୍ଚଳରେ ବେଆଇନ ନିଶା କାରବାର ବିରୋଧରେ ଅବକାରୀ ବିଭାଗକୁ ଏକ ବଡ଼ ସଫଳତା ମିଳିଛି। ଆଜି ସକାଳେ ଅବକାରୀ ବିଭାଗର ଏକ ସ୍ୱତନ୍ତ୍ର ଟିମ୍ ନିମାପଡ଼ା ଥାନା ଅଧୀନ ଏକ ଗାଁରେ ଗୋପନ ସୂଚନା ଆଧାରରେ ଚଢ଼ାଉ କରି ବିପୁଳ ପରିମାଣର ବେଆଇନ ଦେଶୀ ମଦ ଏବଂ ମଦ ପ୍ରସ୍ତୁତ ସାମଗ୍ରୀ ଜବତ କରାଯାଇଛି।ମିଳିଥିବା ସୂଚନା ଅନୁଯାୟୀ, ଦୀର୍ଘ ଦିନ ହେବ ସ୍ଥାନୀୟ ଅଞ୍ଚଳରେ କିଛି ଅସାଧୁ ବ୍ୟକ୍ତି ଚୋରାରେ ମଦ ପ୍ରସ୍ତୁତ କରି ଗ୍ରାମାଞ୍ଚଳରେ ବିକ୍ରି କରୁଥିଲେ। ବିଶ୍ୱସ୍ତ ସୂତ୍ରରୁ ଖବର ପାଇ ଅବକାରୀ ବିଭାଗ ପକ୍ଷରୁ ଏହି କାର୍ଯ୍ୟାନୁଷ୍ଠାନ ଗ୍ରହଣ କରାଯାଇଥିଲା। ଚଢ଼ାଉ ସମୟରେ ଜଣେ ଅଭିଯୁକ୍ତଙ୍କୁ ଗିରଫ କରାଯିବା ସହ ଓଡ଼ିଶା ଅବକାରୀ ଆଇନ ଅନୁଯାୟୀ ମାମଲା ରୁଜୁ କରି କୋର୍ଟ ଚାଲାଣ କରାଯାଇଛି। ଆଗାମୀ ଦିନରେ ଏହି ଚଢ଼ାଉ ଅଭିଯାନ ଆହୁରି ଜୋରଦାର କରାଯିବ ବୋଲି ବିଭାଗୀୟ କର୍ତ୍ତୃପକ୍ଷ ସୂଚନା ଦେଇଛନ୍ତି।
ଜବରଦଖଲ ଉଚ୍ଛେଦ ଜୋରଦାର
ଗୋପ:(ଆଦ୍ୟାଶା)୨୭/୦୫:ଗୋପ ବ୍ଲକର ମୁଖ୍ୟ ବଜାର ଏବଂ ପୁରୀ-କୋଣାର୍କ ସଂଯୋଗୀକରଣ ମାର୍ଗର ସମ୍ପ୍ରସାରଣ ପାଇଁ ସ୍ଥାନୀୟ ପ୍ରଶାସନ ଓ ପୂର୍ତ୍ତ ବିଭାଗ ପକ୍ଷରୁ ଜୋରଦାର ଜବରଦଖଲ ଉଚ୍ଛେଦ ଅଭିଯାନ ଆଜି ଆହୁରି ଜୋରଦାର କରାଯାଇଛି। କୋଣାର୍କ ଓ ପୁରୀକୁ ଯୋଡୁଥିବା ଏହି ଗୁରୁତ୍ୱପୂର୍ଣ୍ଣ ଜାତୀୟ ରାଜପଥ ପାର୍ଶ୍ୱରେ ପ୍ରତିଦିନ ସୃଷ୍ଟି ହେଉଥିବା ପ୍ରବଳ ଟ୍ରାଫିକ ଜାମ୍‌ର ସ୍ଥାୟୀ ପରିହାର ପାଇଁ ପ୍ରଶାସନ ପକ୍ଷରୁ ଏହି କଡ଼ା ଆଭିମୁଖ୍ୟ ଗ୍ରହଣ କରାଯାଇଛି।ସରକାରୀ ଜମିକୁ ଜବରଦଖଲ କରି ରହିଥିବା ଦୋକାନୀ ଓ ଘରଗୁଡ଼ିକୁ ପୂର୍ବରୁ ଉଚ୍ଛେଦ ନୋଟିସ ଅବଧି ଶେଷ ହେବା ପରେ, ଆଜି ସକାଳୁ ସ୍ଥାନୀୟ ମାଜିଷ୍ଟ୍ରେଟ ଏବଂ ବ୍ୟାପକ ପୋଲିସ ଫୋର୍ସ ଉପସ୍ଥିତିରେ ଜେସିବି ସାହାଯ୍ୟରେ ଅବୈଧ ନିର୍ମିତ କୋଠି ଓ ଅସ୍ଥାୟୀ ପାଟେରାଗୁଡ଼ିକୁ ଭାଙ୍ଗି ଦିଆଯାଇଛି। ଅଞ୍ଚଳର ସାମଗ୍ରିକ ବିକାଶ ଏବଂ ପର୍ଯ୍ୟଟକଙ୍କ ସୁଗମ ଯାତାୟାତ ପାଇଁ ରାସ୍ତା ପ୍ରଶସ୍ତୀକରଣ ଅତ୍ୟନ୍ତ ଜରୁରୀ ଥିବାରୁ, ଏହି କାର୍ଯ୍ୟରେ ସ୍ଥାନୀୟ ବ୍ୟବସାୟୀ ସଂଘ ଓ ସାଧାରଣ ଜନସାଧାରଣ ସହଯୋଗ କରିବାକୁ ଗୋପ ବ୍ଲକ୍ କର୍ତ୍ତୃପକ୍ଷ ନିବେଦନ କରିଛନ୍ତି।
